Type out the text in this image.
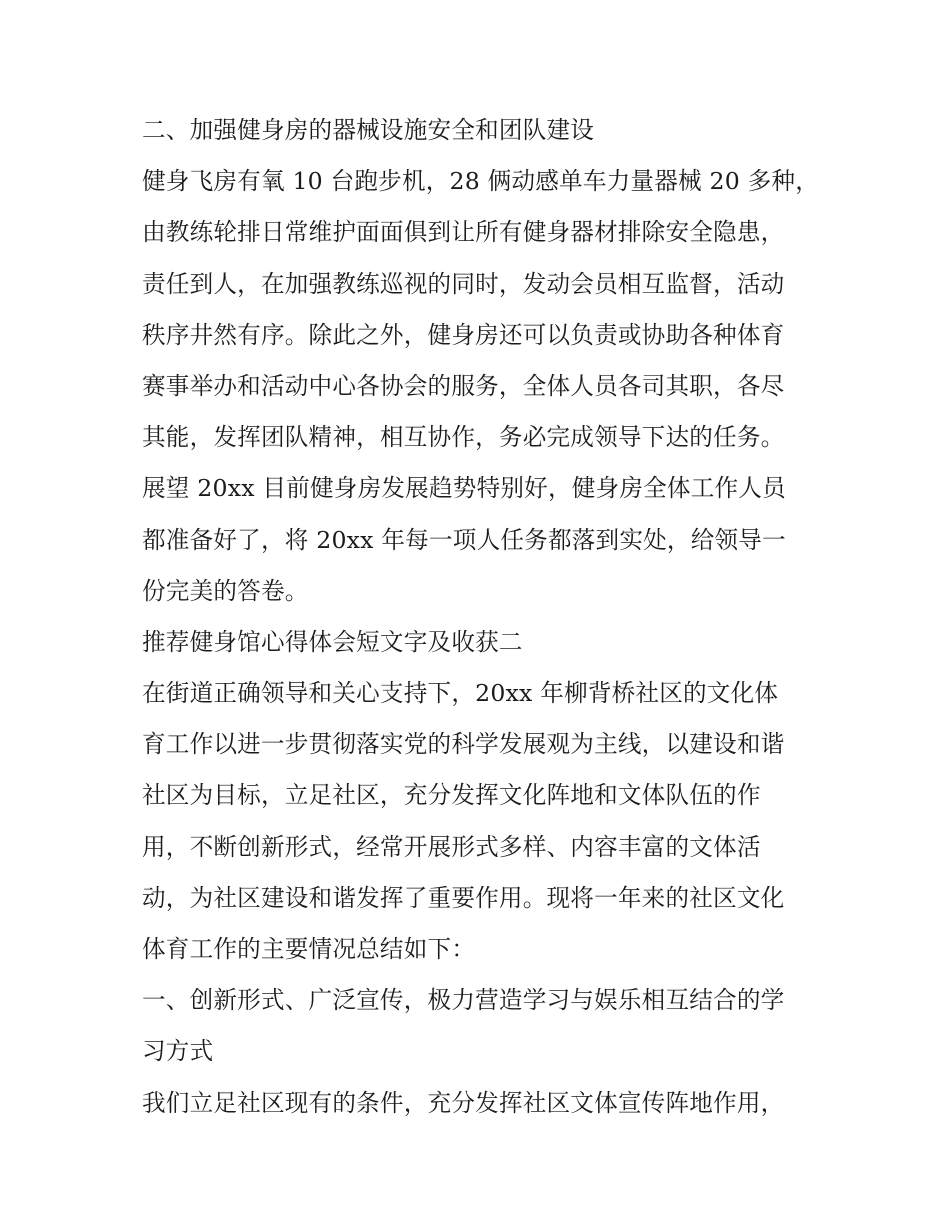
二、加强健身房的器械设施安全和团队建设
健身飞房有氧 10 台跑步机，28 俩动感单车力量器械 20 多种，
由教练轮排日常维护面面俱到让所有健身器材排除安全隐患，
责任到人，在加强教练巡视的同时，发动会员相互监督，活动
秩序井然有序。除此之外，健身房还可以负责或协助各种体育
赛事举办和活动中心各协会的服务，全体人员各司其职，各尽
其能，发挥团队精神，相互协作，务必完成领导下达的任务。
展望 20xx 目前健身房发展趋势特别好，健身房全体工作人员
都准备好了，将 20xx 年每一项人任务都落到实处，给领导一
份完美的答卷。
推荐健身馆心得体会短文字及收获二
在街道正确领导和关心支持下，20xx 年柳背桥社区的文化体
育工作以进一步贯彻落实党的科学发展观为主线，以建设和谐
社区为目标，立足社区，充分发挥文化阵地和文体队伍的作
用，不断创新形式，经常开展形式多样、内容丰富的文体活
动，为社区建设和谐发挥了重要作用。现将一年来的社区文化
体育工作的主要情况总结如下：
一、创新形式、广泛宣传，极力营造学习与娱乐相互结合的学
习方式
我们立足社区现有的条件，充分发挥社区文体宣传阵地作用，
